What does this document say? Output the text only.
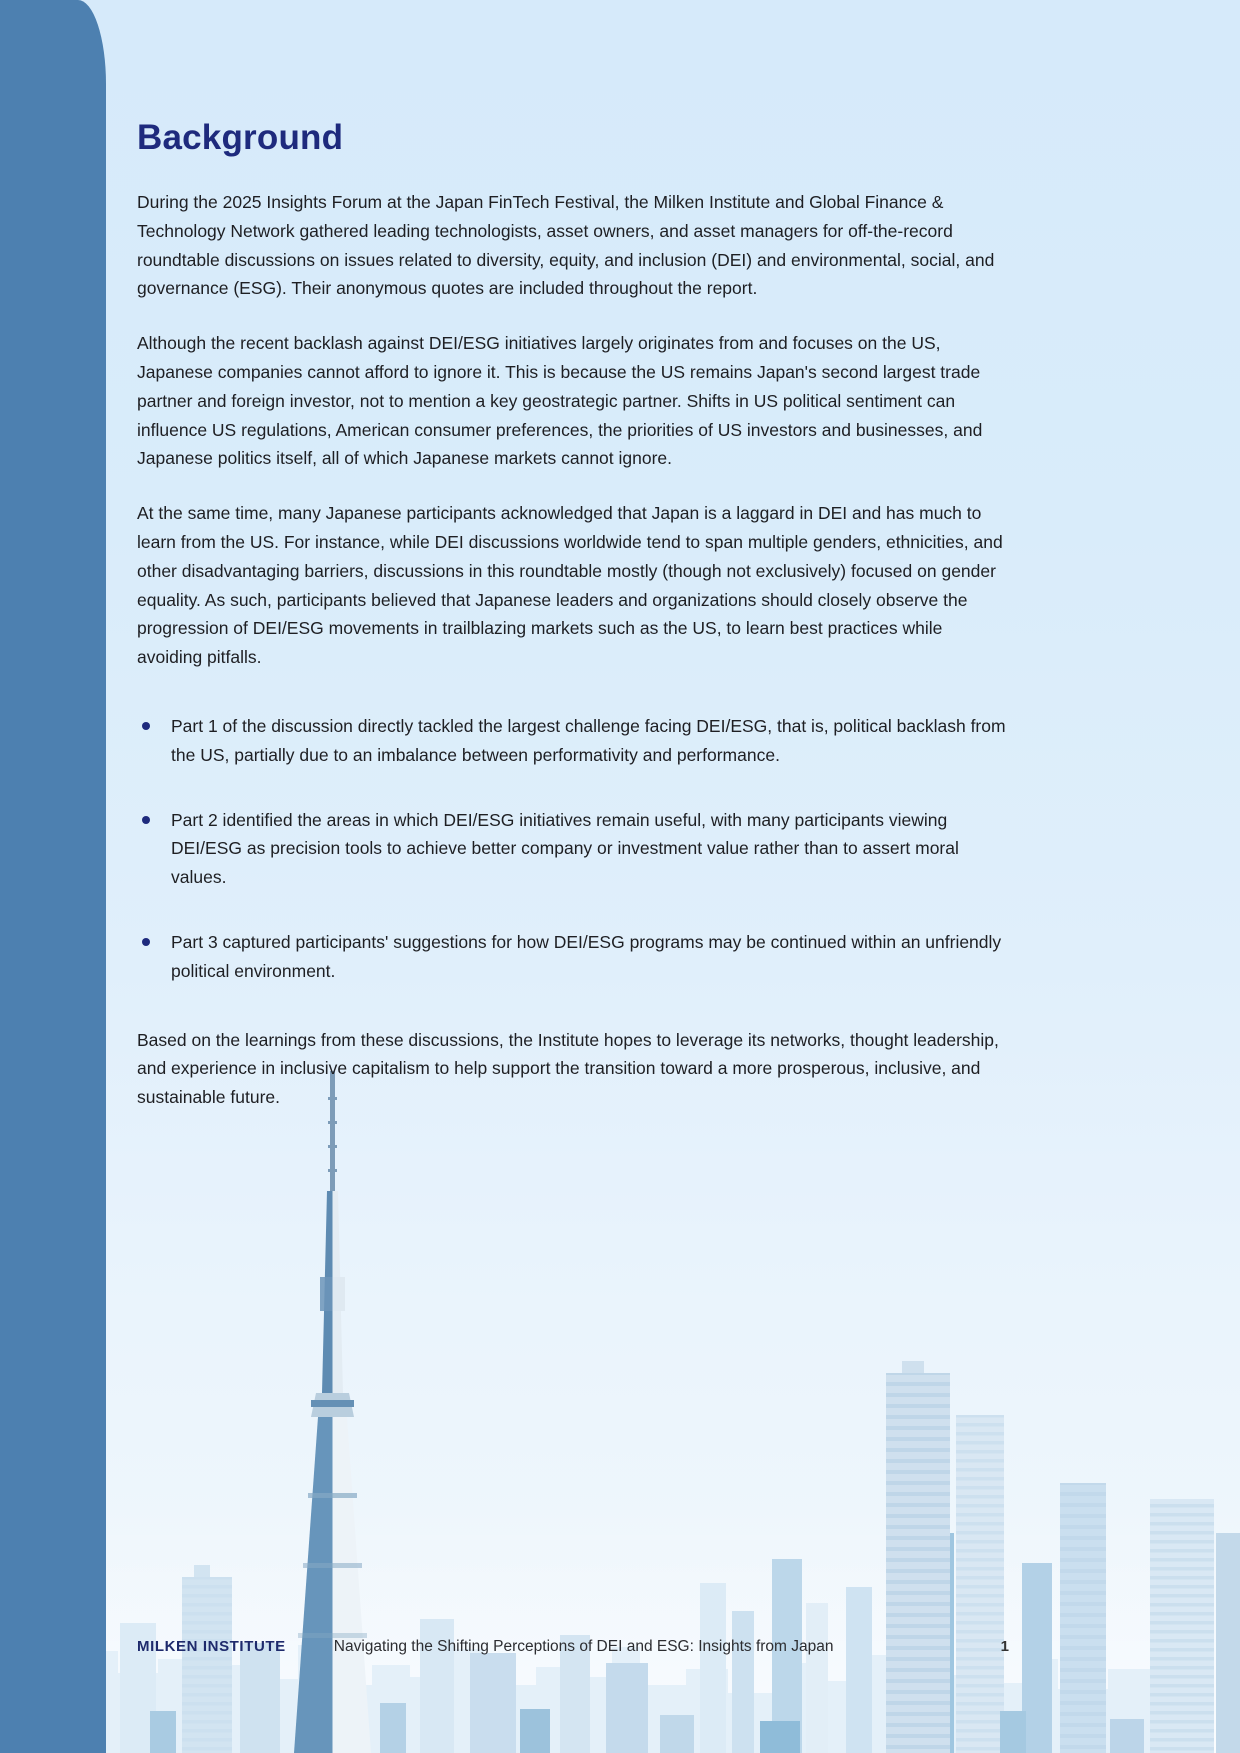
Background

During the 2025 Insights Forum at the Japan FinTech Festival, the Milken Institute and Global Finance & Technology Network gathered leading technologists, asset owners, and asset managers for off-the-record roundtable discussions on issues related to diversity, equity, and inclusion (DEI) and environmental, social, and governance (ESG). Their anonymous quotes are included throughout the report.

Although the recent backlash against DEI/ESG initiatives largely originates from and focuses on the US, Japanese companies cannot afford to ignore it. This is because the US remains Japan's second largest trade partner and foreign investor, not to mention a key geostrategic partner. Shifts in US political sentiment can influence US regulations, American consumer preferences, the priorities of US investors and businesses, and Japanese politics itself, all of which Japanese markets cannot ignore.

At the same time, many Japanese participants acknowledged that Japan is a laggard in DEI and has much to learn from the US. For instance, while DEI discussions worldwide tend to span multiple genders, ethnicities, and other disadvantaging barriers, discussions in this roundtable mostly (though not exclusively) focused on gender equality. As such, participants believed that Japanese leaders and organizations should closely observe the progression of DEI/ESG movements in trailblazing markets such as the US, to learn best practices while avoiding pitfalls.

Part 1 of the discussion directly tackled the largest challenge facing DEI/ESG, that is, political backlash from the US, partially due to an imbalance between performativity and performance.
Part 2 identified the areas in which DEI/ESG initiatives remain useful, with many participants viewing DEI/ESG as precision tools to achieve better company or investment value rather than to assert moral values.
Part 3 captured participants' suggestions for how DEI/ESG programs may be continued within an unfriendly political environment.

Based on the learnings from these discussions, the Institute hopes to leverage its networks, thought leadership, and experience in inclusive capitalism to help support the transition toward a more prosperous, inclusive, and sustainable future.

MILKEN INSTITUTE	Navigating the Shifting Perceptions of DEI and ESG: Insights from Japan	1
